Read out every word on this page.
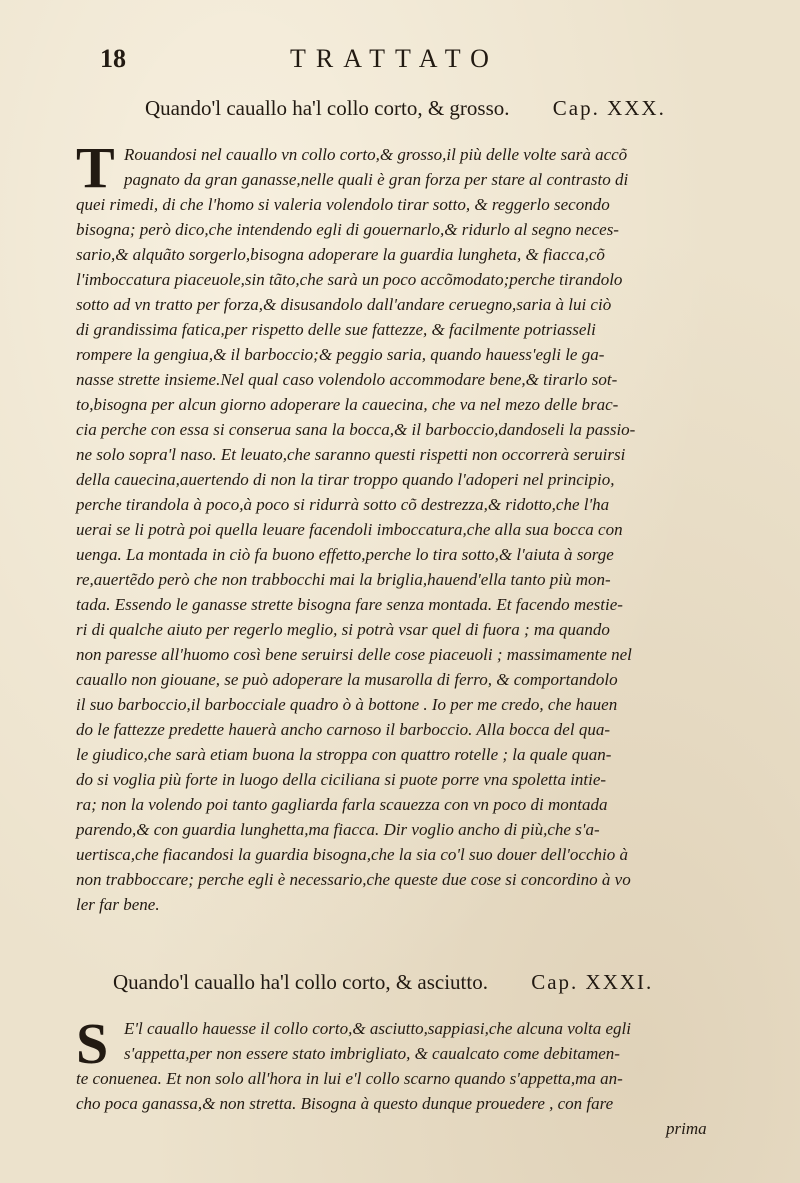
18	TRATTATO
Quando'l cauallo ha'l collo corto, & grosso. Cap. XXX.
T Rouandosi nel cauallo vn collo corto,& grosso,il più delle volte sarà accõ
pagnato da gran ganasse,nelle quali è gran forza per stare al contrasto di
quei rimedi, di che l'homo si valeria volendolo tirar sotto, & reggerlo secondo
bisogna; però dico,che intendendo egli di gouernarlo,& ridurlo al segno neces-
sario,& alquãto sorgerlo,bisogna adoperare la guardia lungheta, & fiacca,cõ
l'imboccatura piaceuole,sin tãto,che sarà un poco accõmodato;perche tirandolo
sotto ad vn tratto per forza,& disusandolo dall'andare ceruegno,saria à lui ciò
di grandissima fatica,per rispetto delle sue fattezze, & facilmente potriasseli
rompere la gengiua,& il barboccio;& peggio saria, quando hauess'egli le ga-
nasse strette insieme.Nel qual caso volendolo accommodare bene,& tirarlo sot-
to,bisogna per alcun giorno adoperare la cauecina, che va nel mezo delle brac-
cia perche con essa si conserua sana la bocca,& il barboccio,dandoseli la passio-
ne solo sopra'l naso. Et leuato,che saranno questi rispetti non occorrerà seruirsi
della cauecina,auertendo di non la tirar troppo quando l'adoperi nel principio,
perche tirandola à poco,à poco si ridurrà sotto cõ destrezza,& ridotto,che l'ha
uerai se li potrà poi quella leuare facendoli imboccatura,che alla sua bocca con
uenga. La montada in ciò fa buono effetto,perche lo tira sotto,& l'aiuta à sorge
re,auertẽdo però che non trabbocchi mai la briglia,hauend'ella tanto più mon-
tada. Essendo le ganasse strette bisogna fare senza montada. Et facendo mestie-
ri di qualche aiuto per regerlo meglio, si potrà vsar quel di fuora ; ma quando
non paresse all'huomo così bene seruirsi delle cose piaceuoli ; massimamente nel
cauallo non giouane, se può adoperare la musarolla di ferro, & comportandolo
il suo barboccio,il barbocciale quadro ò à bottone . Io per me credo, che hauen
do le fattezze predette hauerà ancho carnoso il barboccio. Alla bocca del qua-
le giudico,che sarà etiam buona la stroppa con quattro rotelle ; la quale quan-
do si voglia più forte in luogo della ciciliana si puote porre vna spoletta intie-
ra; non la volendo poi tanto gagliarda farla scauezza con vn poco di montada
parendo,& con guardia lunghetta,ma fiacca. Dir voglio ancho di più,che s'a-
uertisca,che fiacandosi la guardia bisogna,che la sia co'l suo douer dell'occhio à
non trabboccare; perche egli è necessario,che queste due cose si concordino à vo
ler far bene.
Quando'l cauallo ha'l collo corto, & asciutto. Cap. XXXI.
S E'l cauallo hauesse il collo corto,& asciutto,sappiasi,che alcuna volta egli
s'appetta,per non essere stato imbrigliato, & caualcato come debitamen-
te conuenea. Et non solo all'hora in lui e'l collo scarno quando s'appetta,ma an-
cho poca ganassa,& non stretta. Bisogna à questo dunque prouedere , con fare
prima
